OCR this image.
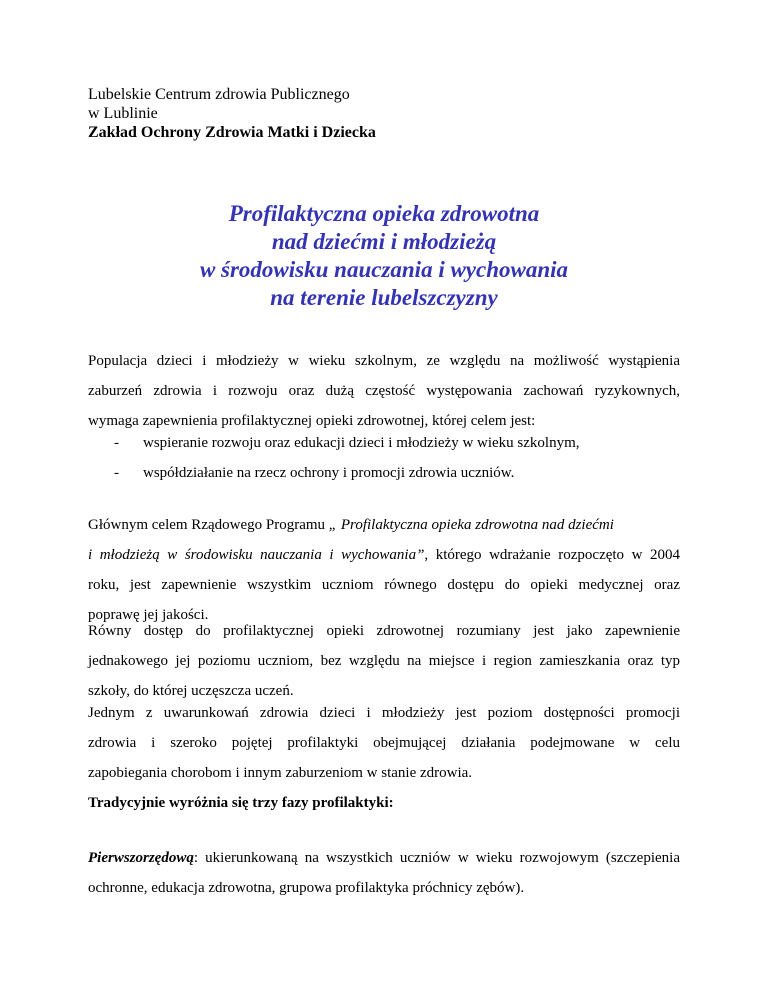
Lubelskie Centrum zdrowia Publicznego
w Lublinie
Zakład Ochrony Zdrowia Matki i Dziecka
Profilaktyczna opieka zdrowotna
nad dziećmi i młodzieżą
w środowisku nauczania i wychowania
na terenie lubelszczyzny
Populacja dzieci i młodzieży w wieku szkolnym, ze względu na możliwość wystąpienia
zaburzeń zdrowia i rozwoju oraz dużą częstość występowania zachowań ryzykownych,
wymaga zapewnienia profilaktycznej opieki zdrowotnej, której celem jest:
- wspieranie rozwoju oraz edukacji dzieci i młodzieży w wieku szkolnym,
- współdziałanie na rzecz ochrony i promocji zdrowia uczniów.
Głównym celem Rządowego Programu „ Profilaktyczna opieka zdrowotna nad dziećmi
i młodzieżą w środowisku nauczania i wychowania”, którego wdrażanie rozpoczęto w 2004
roku, jest zapewnienie wszystkim uczniom równego dostępu do opieki medycznej oraz
poprawę jej jakości.
Równy dostęp do profilaktycznej opieki zdrowotnej rozumiany jest jako zapewnienie
jednakowego jej poziomu uczniom, bez względu na miejsce i region zamieszkania oraz typ
szkoły, do której uczęszcza uczeń.
Jednym z uwarunkowań zdrowia dzieci i młodzieży jest poziom dostępności promocji
zdrowia i szeroko pojętej profilaktyki obejmującej działania podejmowane w celu
zapobiegania chorobom i innym zaburzeniom w stanie zdrowia.
Tradycyjnie wyróżnia się trzy fazy profilaktyki:
Pierwszorzędową: ukierunkowaną na wszystkich uczniów w wieku rozwojowym (szczepienia
ochronne, edukacja zdrowotna, grupowa profilaktyka próchnicy zębów).
